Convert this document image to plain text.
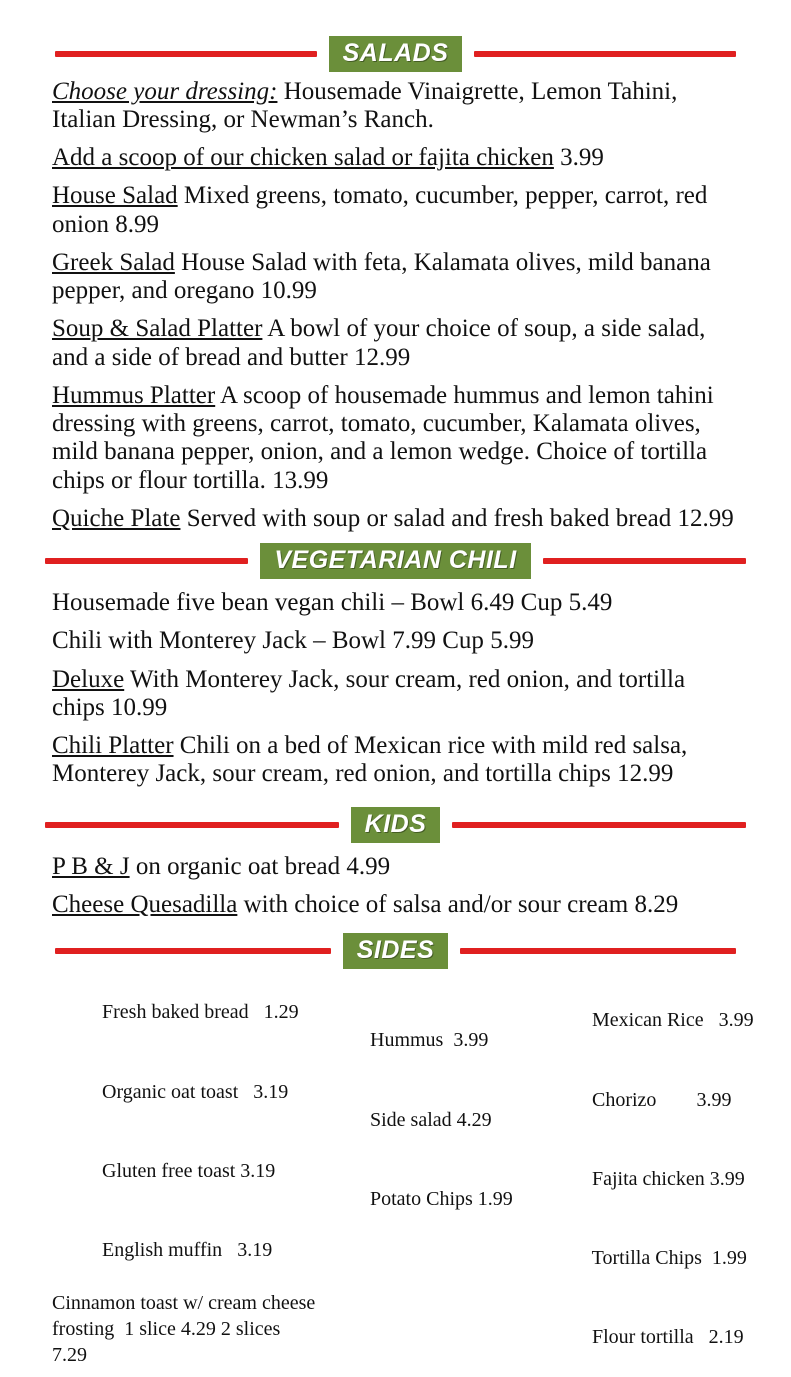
SALADS
Choose your dressing: Housemade Vinaigrette, Lemon Tahini, Italian Dressing, or Newman’s Ranch.
Add a scoop of our chicken salad or fajita chicken 3.99
House Salad Mixed greens, tomato, cucumber, pepper, carrot, red onion 8.99
Greek Salad House Salad with feta, Kalamata olives, mild banana pepper, and oregano 10.99
Soup & Salad Platter A bowl of your choice of soup, a side salad, and a side of bread and butter 12.99
Hummus Platter A scoop of housemade hummus and lemon tahini dressing with greens, carrot, tomato, cucumber, Kalamata olives, mild banana pepper, onion, and a lemon wedge. Choice of tortilla chips or flour tortilla. 13.99
Quiche Plate Served with soup or salad and fresh baked bread 12.99
VEGETARIAN CHILI
Housemade five bean vegan chili – Bowl 6.49 Cup 5.49
Chili with Monterey Jack – Bowl 7.99 Cup 5.99
Deluxe With Monterey Jack, sour cream, red onion, and tortilla chips 10.99
Chili Platter Chili on a bed of Mexican rice with mild red salsa, Monterey Jack, sour cream, red onion, and tortilla chips 12.99
KIDS
P B & J on organic oat bread 4.99
Cheese Quesadilla with choice of salsa and/or sour cream 8.29
SIDES

Fresh baked bread 1.29

Organic oat toast 3.19

Gluten free toast 3.19

English muffin 3.19

Cinnamon toast w/ cream cheese frosting 1 slice 4.29 2 slices 7.29

Hummus 3.99

Side salad 4.29

Potato Chips 1.99

Mexican Rice 3.99

Chorizo 3.99

Fajita chicken 3.99

Tortilla Chips 1.99

Flour tortilla 2.19
